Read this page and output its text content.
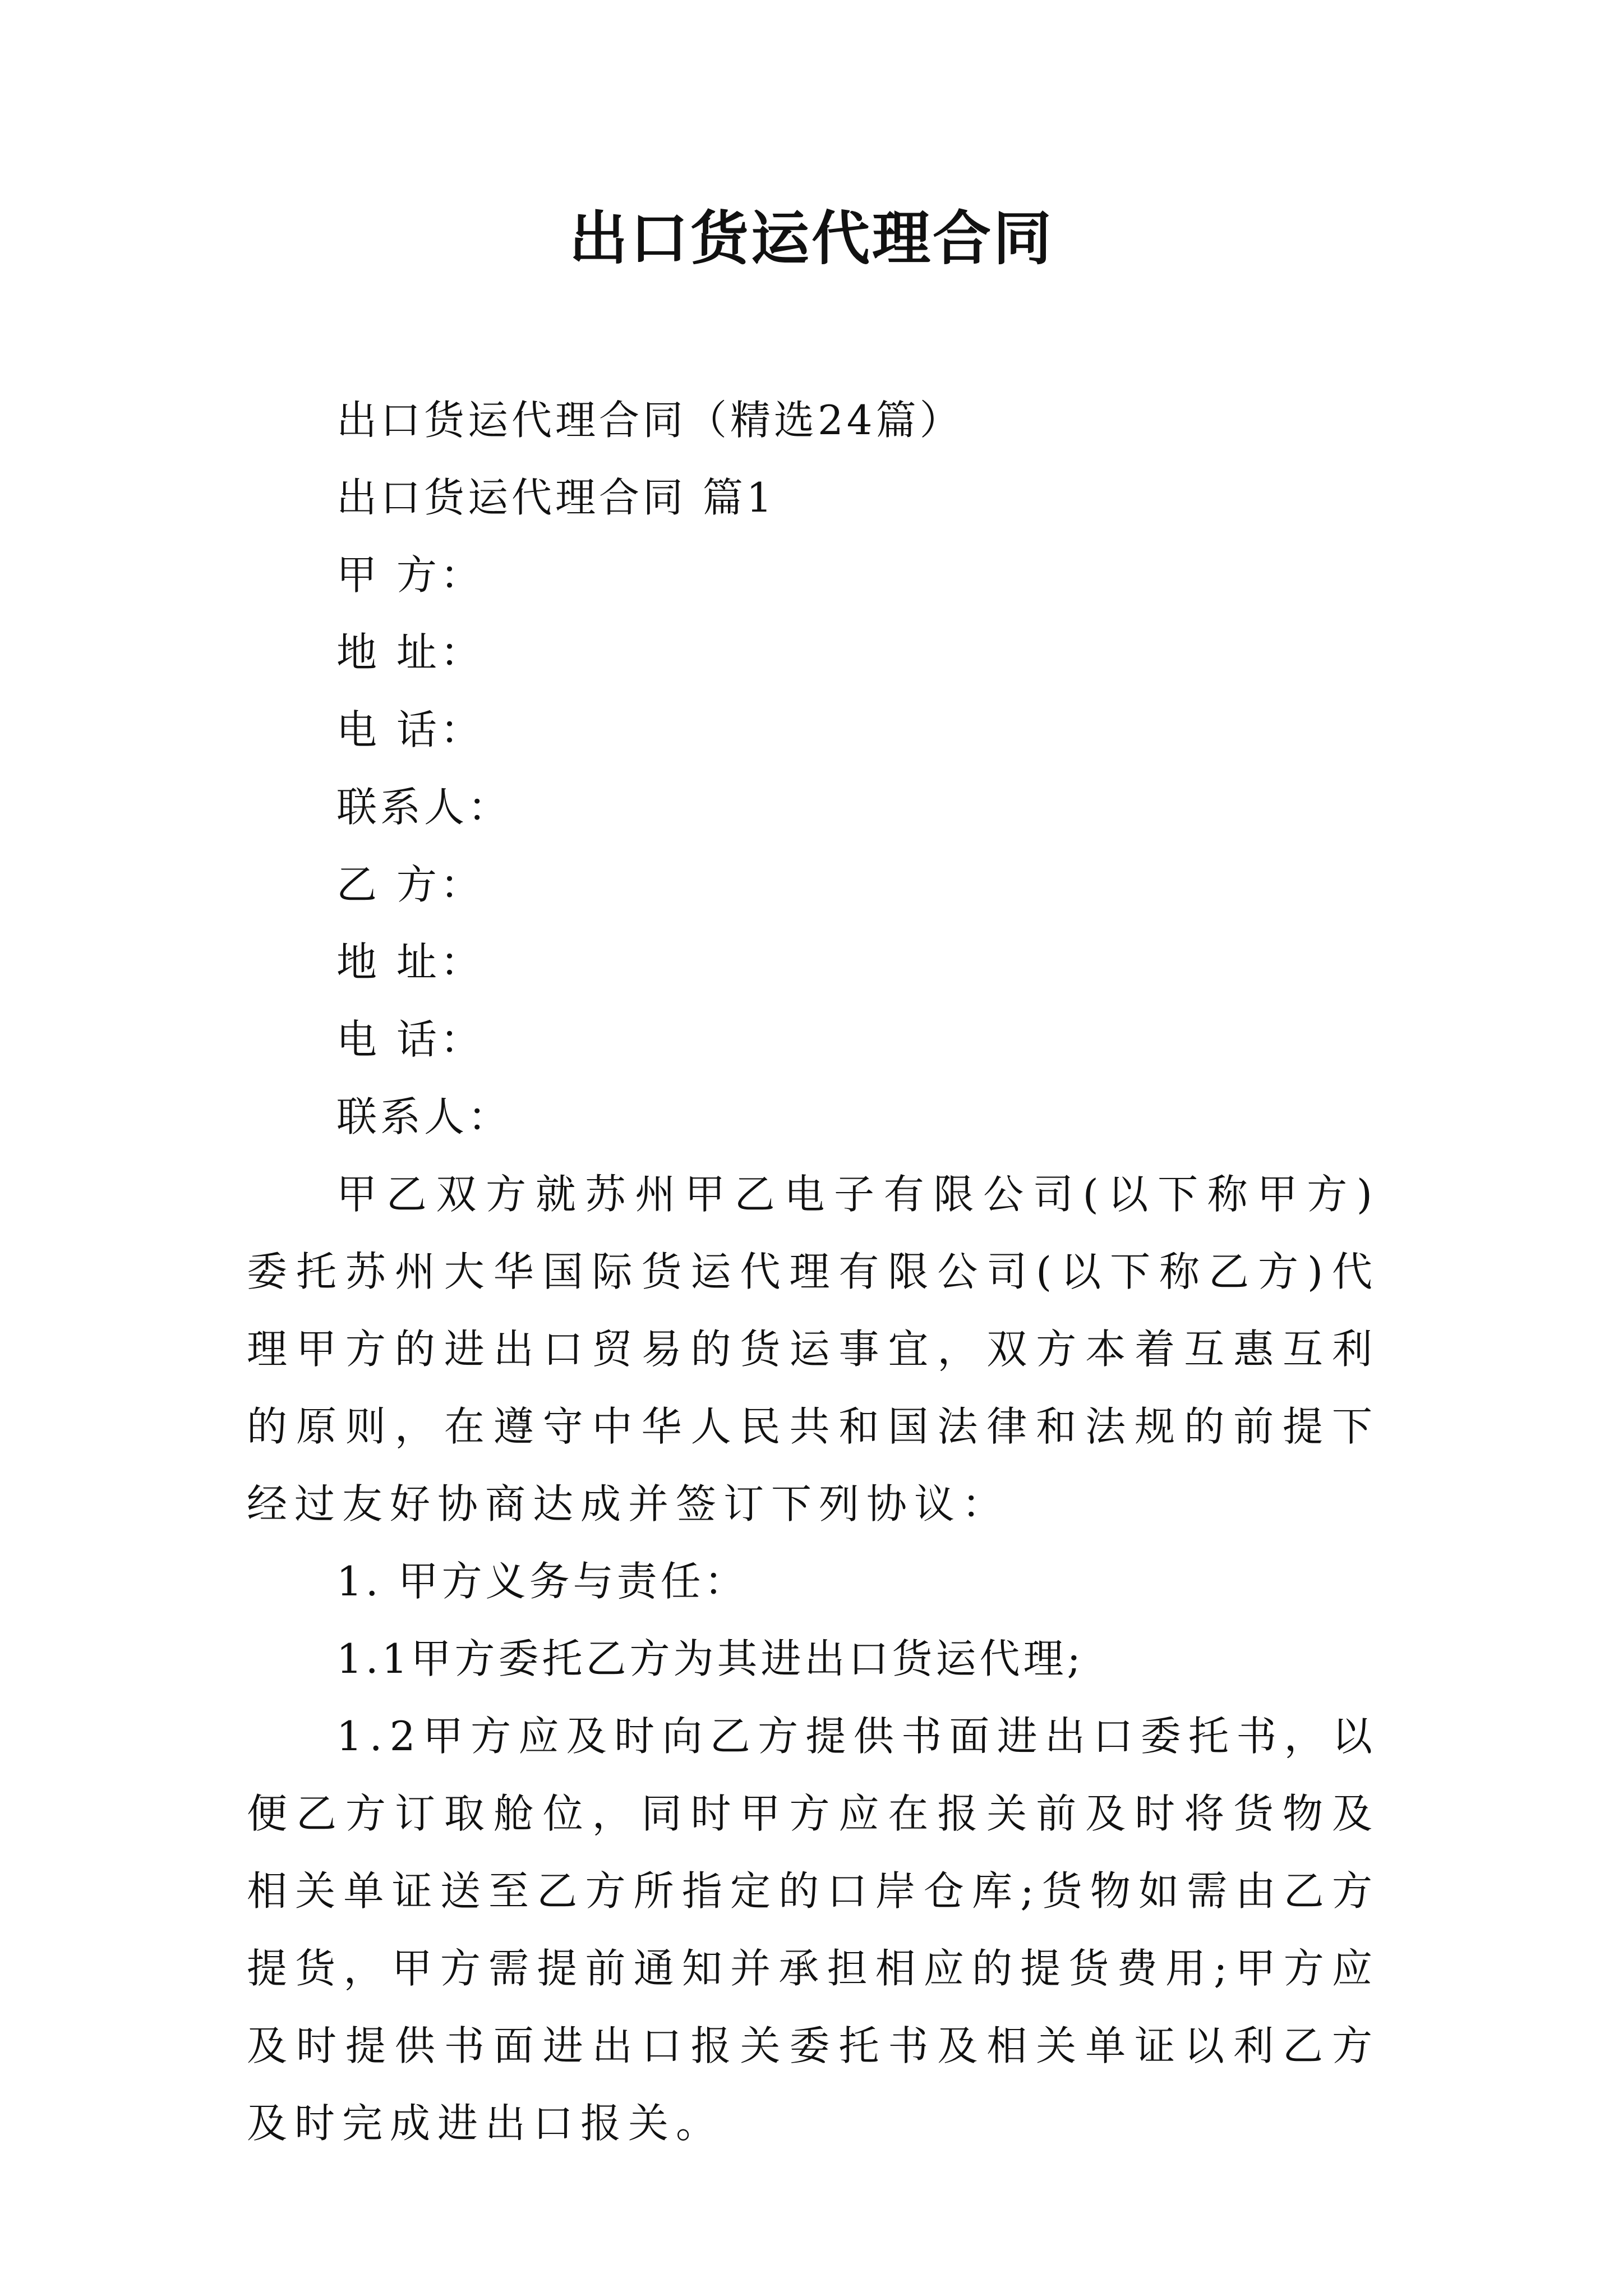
出口货运代理合同
出口货运代理合同（精选24篇）
出口货运代理合同 篇1
甲 方：
地 址：
电 话：
联系人：
乙 方：
地 址：
电 话：
联系人：

甲乙双方就苏州甲乙电子有限公司(以下称甲方)委托苏州大华国际货运代理有限公司(以下称乙方)代理甲方的进出口贸易的货运事宜，双方本着互惠互利的原则，在遵守中华人民共和国法律和法规的前提下经过友好协商达成并签订下列协议：

1. 甲方义务与责任：
1.1甲方委托乙方为其进出口货运代理;

1.2甲方应及时向乙方提供书面进出口委托书，以便乙方订取舱位，同时甲方应在报关前及时将货物及相关单证送至乙方所指定的口岸仓库;货物如需由乙方提货，甲方需提前通知并承担相应的提货费用;甲方应及时提供书面进出口报关委托书及相关单证以利乙方及时完成进出口报关。
